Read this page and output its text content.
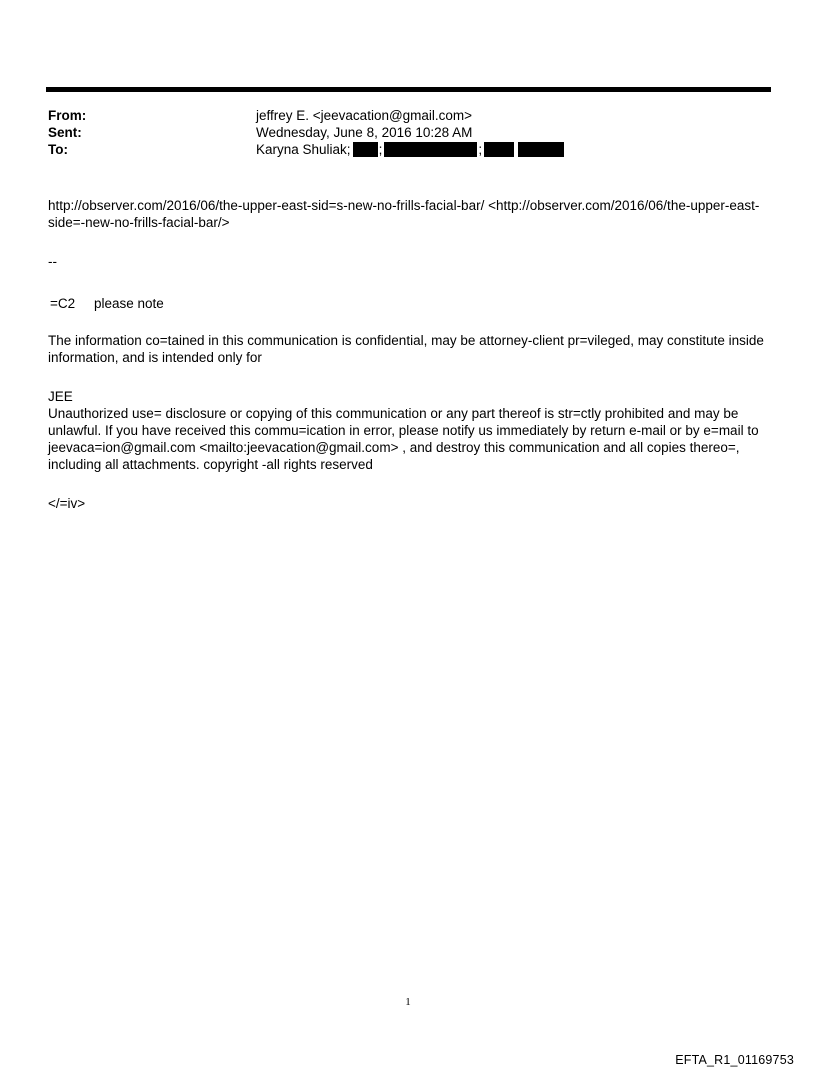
From:	jeffrey E. <jeevacation@gmail.com>
Sent:	Wednesday, June 8, 2016 10:28 AM
To:	Karyna Shuliak; ;	;

http://observer.com/2016/06/the-upper-east-sid=s-new-no-frills-facial-bar/ <http://observer.com/2016/06/the-upper-east-side=-new-no-frills-facial-bar/>

--

=C2 please note

The information co=tained in this communication is confidential, may be attorney-client pr=vileged, may constitute inside information, and is intended only for

JEE

Unauthorized use= disclosure or copying of this communication or any part thereof is str=ctly prohibited and may be unlawful. If you have received this commu=ication in error, please notify us immediately by return e-mail or by e=mail to jeevaca=ion@gmail.com <mailto:jeevacation@gmail.com> , and destroy this communication and all copies thereo=, including all attachments. copyright -all rights reserved

</=iv>

1
EFTA_R1_01169753
